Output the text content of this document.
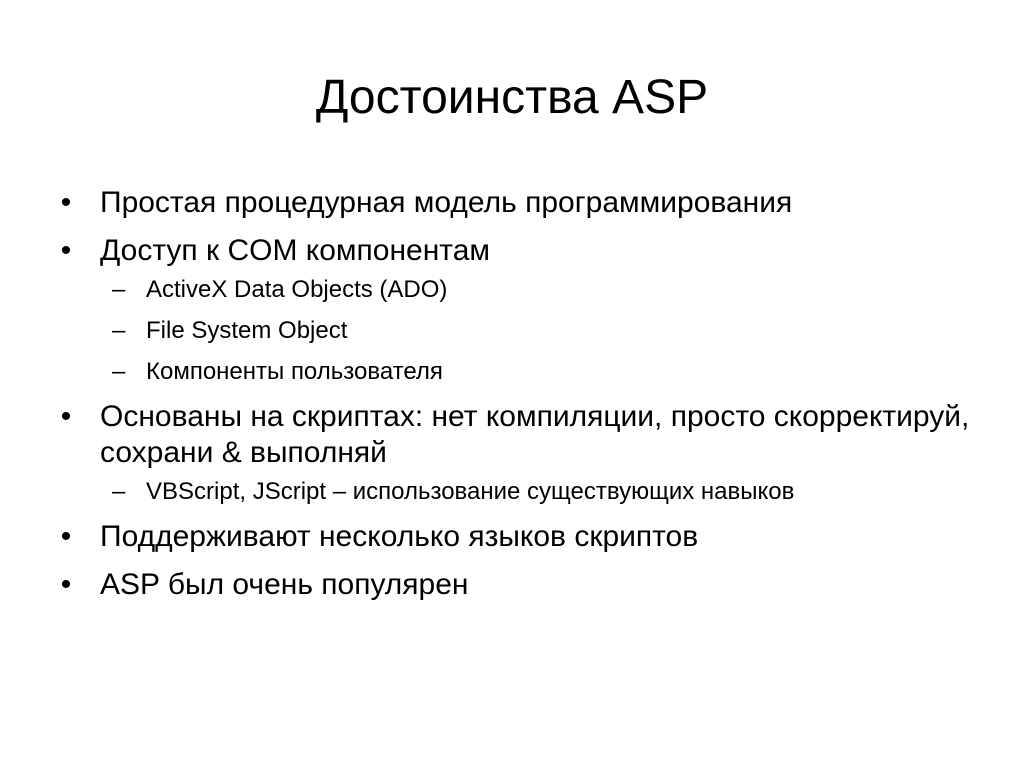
Достоинства ASP
• Простая процедурная модель программирования
• Доступ к COM компонентам
– ActiveX Data Objects (ADO)
– File System Object
– Компоненты пользователя
• Основаны на скриптах: нет компиляции, просто скорректируй, сохрани & выполняй
– VBScript, JScript – использование существующих навыков
• Поддерживают несколько языков скриптов
• ASP был очень популярен
